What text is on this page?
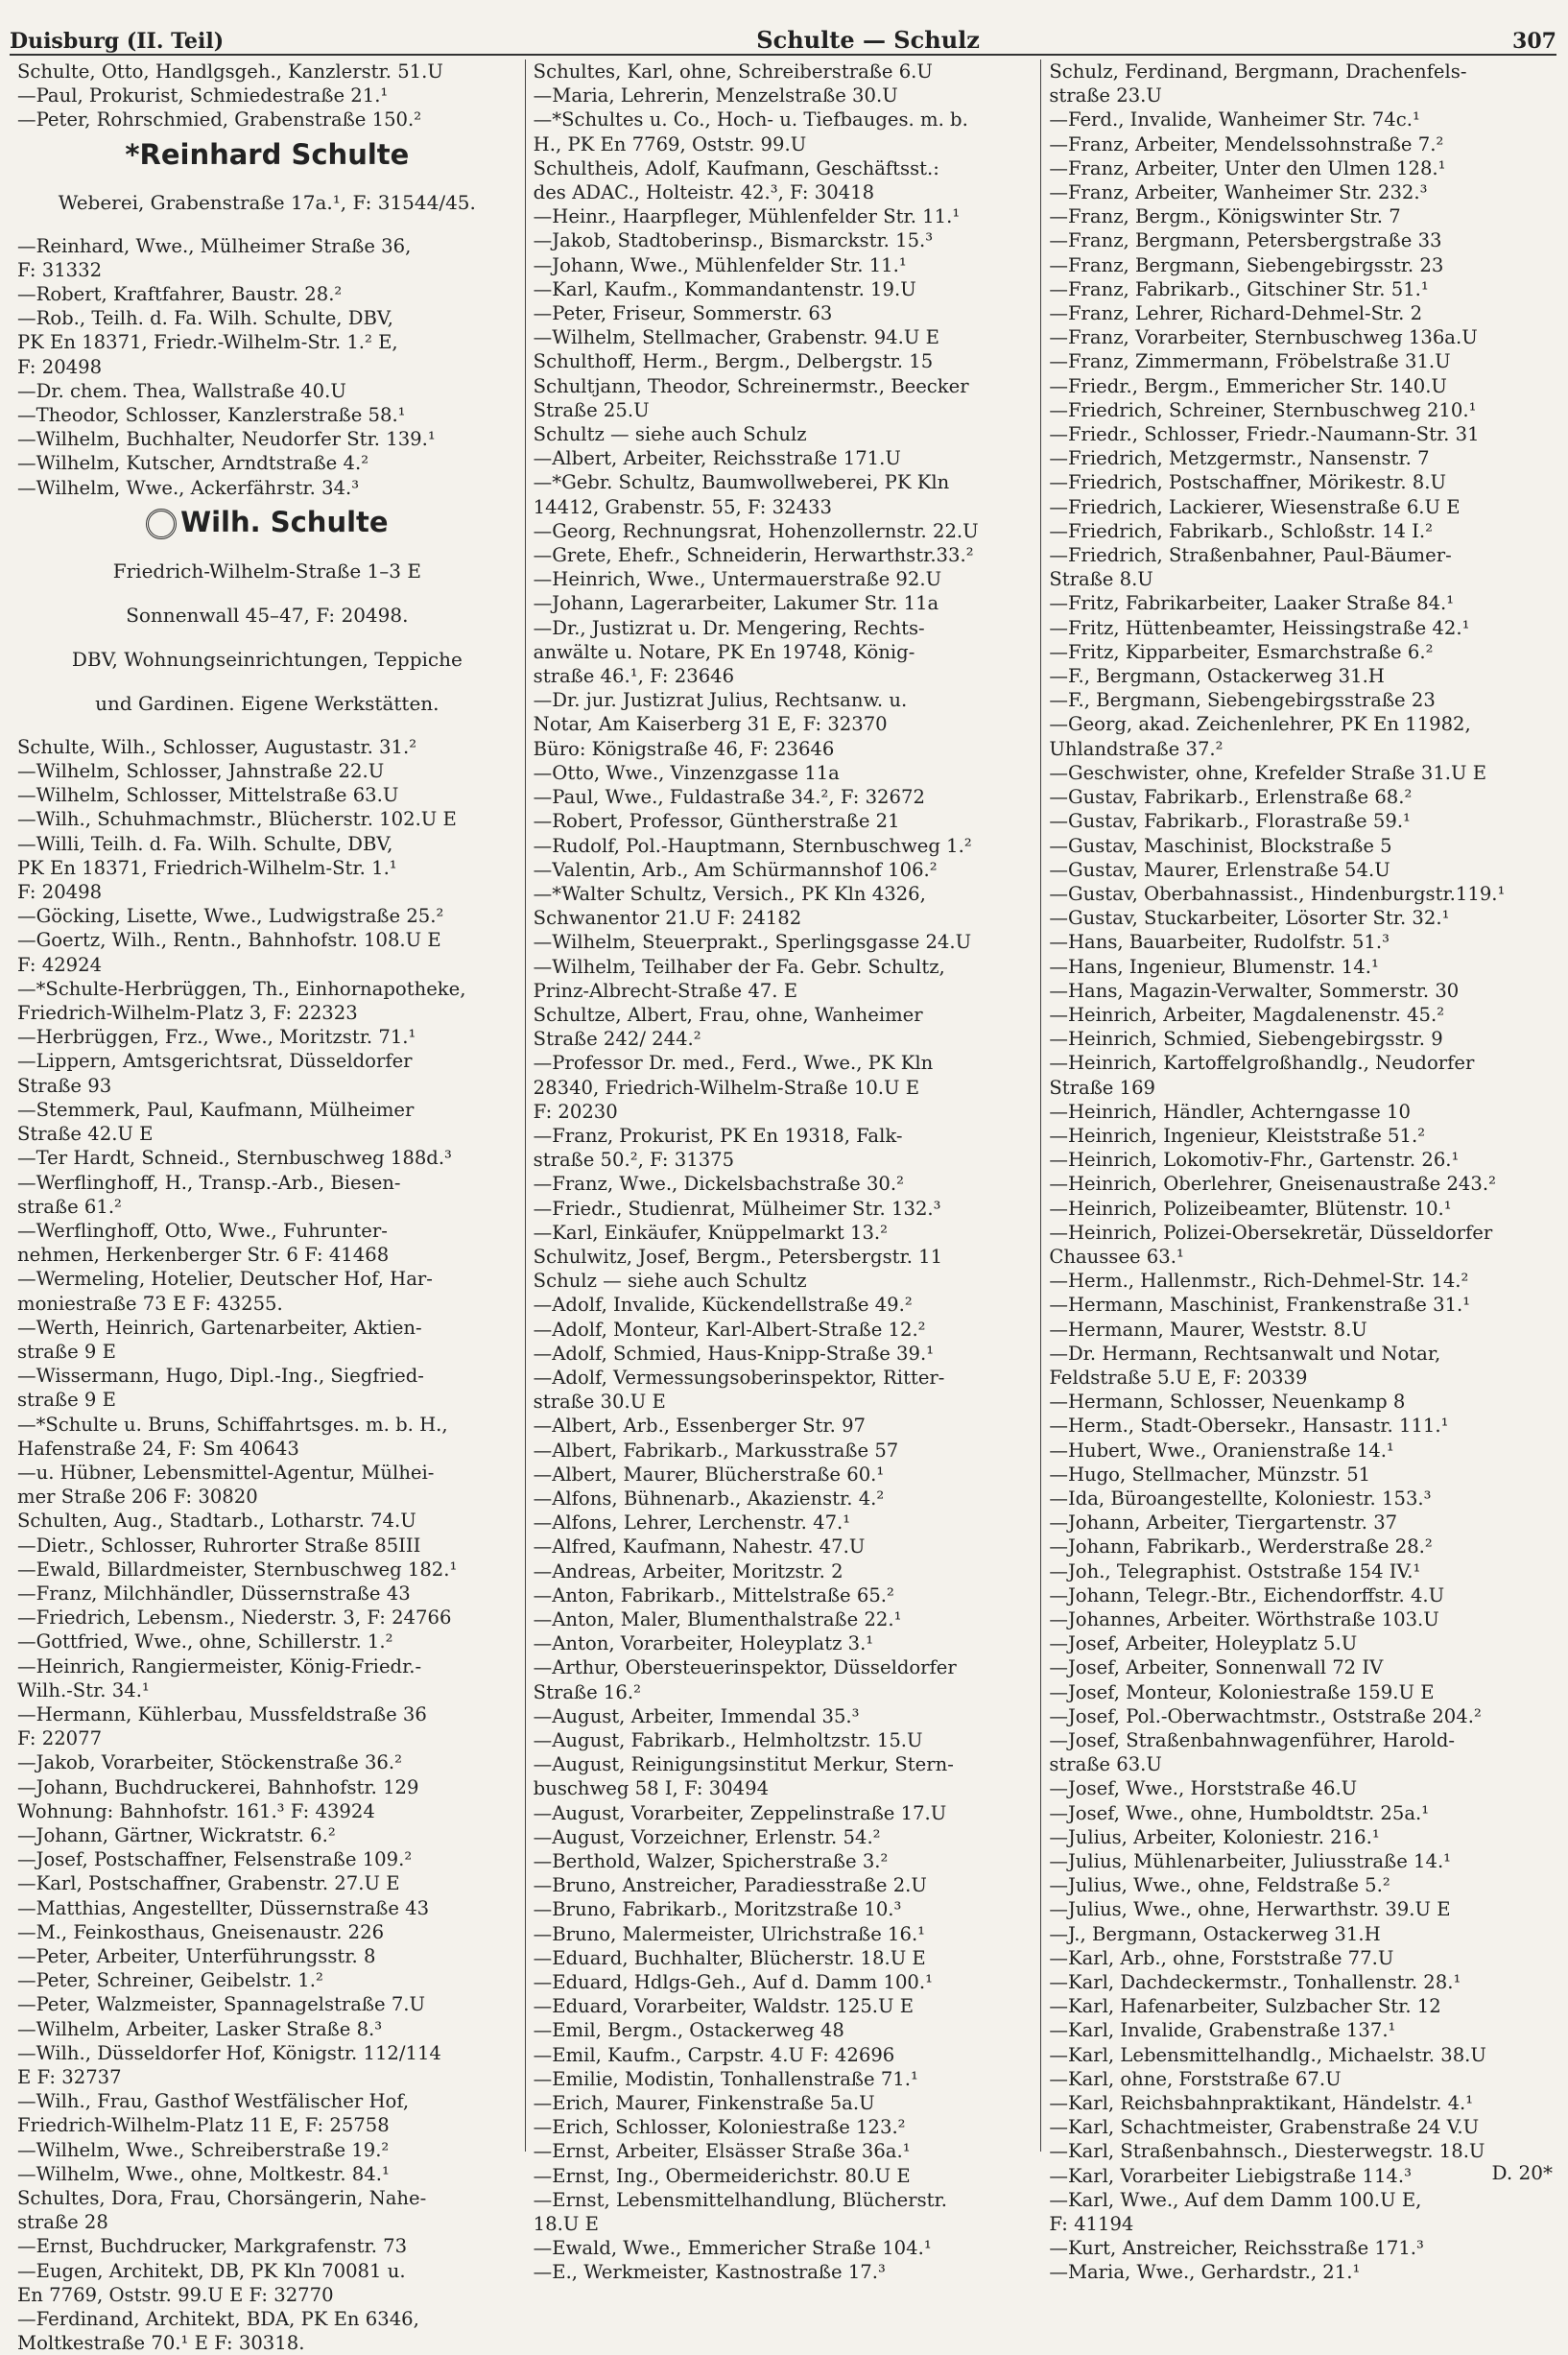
Duisburg (II. Teil)	Schulte — Schulz	307

Schulte, Otto, Handlgsgeh., Kanzlerstr. 51.U

—Paul, Prokurist, Schmiedestraße 21.¹

—Peter, Rohrschmied, Grabenstraße 150.²

*Reinhard Schulte

Weberei, Grabenstraße 17a.¹, F: 31544/45.

—Reinhard, Wwe., Mülheimer Straße 36,

F: 31332

—Robert, Kraftfahrer, Baustr. 28.²

—Rob., Teilh. d. Fa. Wilh. Schulte, DBV,

PK En 18371, Friedr.-Wilhelm-Str. 1.² E,

F: 20498

—Dr. chem. Thea, Wallstraße 40.U

—Theodor, Schlosser, Kanzlerstraße 58.¹

—Wilhelm, Buchhalter, Neudorfer Str. 139.¹

—Wilhelm, Kutscher, Arndtstraße 4.²

—Wilhelm, Wwe., Ackerfährstr. 34.³

Wilh. Schulte

Friedrich-Wilhelm-Straße 1–3 E

Sonnenwall 45–47, F: 20498.

DBV, Wohnungseinrichtungen, Teppiche

und Gardinen. Eigene Werkstätten.

Schulte, Wilh., Schlosser, Augustastr. 31.²

—Wilhelm, Schlosser, Jahnstraße 22.U

—Wilhelm, Schlosser, Mittelstraße 63.U

—Wilh., Schuhmachmstr., Blücherstr. 102.U E

—Willi, Teilh. d. Fa. Wilh. Schulte, DBV,

PK En 18371, Friedrich-Wilhelm-Str. 1.¹

F: 20498

—Göcking, Lisette, Wwe., Ludwigstraße 25.²

—Goertz, Wilh., Rentn., Bahnhofstr. 108.U E

F: 42924

—*Schulte-Herbrüggen, Th., Einhornapotheke,

Friedrich-Wilhelm-Platz 3, F: 22323

—Herbrüggen, Frz., Wwe., Moritzstr. 71.¹

—Lippern, Amtsgerichtsrat, Düsseldorfer

Straße 93

—Stemmerk, Paul, Kaufmann, Mülheimer

Straße 42.U E

—Ter Hardt, Schneid., Sternbuschweg 188d.³

—Werflinghoff, H., Transp.-Arb., Biesen-

straße 61.²

—Werflinghoff, Otto, Wwe., Fuhrunter-

nehmen, Herkenberger Str. 6 F: 41468

—Wermeling, Hotelier, Deutscher Hof, Har-

moniestraße 73 E F: 43255.

—Werth, Heinrich, Gartenarbeiter, Aktien-

straße 9 E

—Wissermann, Hugo, Dipl.-Ing., Siegfried-

straße 9 E

—*Schulte u. Bruns, Schiffahrtsges. m. b. H.,

Hafenstraße 24, F: Sm 40643

—u. Hübner, Lebensmittel-Agentur, Mülhei-

mer Straße 206 F: 30820

Schulten, Aug., Stadtarb., Lotharstr. 74.U

—Dietr., Schlosser, Ruhrorter Straße 85III

—Ewald, Billardmeister, Sternbuschweg 182.¹

—Franz, Milchhändler, Düssernstraße 43

—Friedrich, Lebensm., Niederstr. 3, F: 24766

—Gottfried, Wwe., ohne, Schillerstr. 1.²

—Heinrich, Rangiermeister, König-Friedr.-

Wilh.-Str. 34.¹

—Hermann, Kühlerbau, Mussfeldstraße 36

F: 22077

—Jakob, Vorarbeiter, Stöckenstraße 36.²

—Johann, Buchdruckerei, Bahnhofstr. 129

Wohnung: Bahnhofstr. 161.³ F: 43924

—Johann, Gärtner, Wickratstr. 6.²

—Josef, Postschaffner, Felsenstraße 109.²

—Karl, Postschaffner, Grabenstr. 27.U E

—Matthias, Angestellter, Düssernstraße 43

—M., Feinkosthaus, Gneisenaustr. 226

—Peter, Arbeiter, Unterführungsstr. 8

—Peter, Schreiner, Geibelstr. 1.²

—Peter, Walzmeister, Spannagelstraße 7.U

—Wilhelm, Arbeiter, Lasker Straße 8.³

—Wilh., Düsseldorfer Hof, Königstr. 112/114

E F: 32737

—Wilh., Frau, Gasthof Westfälischer Hof,

Friedrich-Wilhelm-Platz 11 E, F: 25758

—Wilhelm, Wwe., Schreiberstraße 19.²

—Wilhelm, Wwe., ohne, Moltkestr. 84.¹

Schultes, Dora, Frau, Chorsängerin, Nahe-

straße 28

—Ernst, Buchdrucker, Markgrafenstr. 73

—Eugen, Architekt, DB, PK Kln 70081 u.

En 7769, Oststr. 99.U E F: 32770

—Ferdinand, Architekt, BDA, PK En 6346,

Moltkestraße 70.¹ E F: 30318.

Schultes, Karl, ohne, Schreiberstraße 6.U

—Maria, Lehrerin, Menzelstraße 30.U

—*Schultes u. Co., Hoch- u. Tiefbauges. m. b.

H., PK En 7769, Oststr. 99.U

Schultheis, Adolf, Kaufmann, Geschäftsst.:

des ADAC., Holteistr. 42.³, F: 30418

—Heinr., Haarpfleger, Mühlenfelder Str. 11.¹

—Jakob, Stadtoberinsp., Bismarckstr. 15.³

—Johann, Wwe., Mühlenfelder Str. 11.¹

—Karl, Kaufm., Kommandantenstr. 19.U

—Peter, Friseur, Sommerstr. 63

—Wilhelm, Stellmacher, Grabenstr. 94.U E

Schulthoff, Herm., Bergm., Delbergstr. 15

Schultjann, Theodor, Schreinermstr., Beecker

Straße 25.U

Schultz — siehe auch Schulz

—Albert, Arbeiter, Reichsstraße 171.U

—*Gebr. Schultz, Baumwollweberei, PK Kln

14412, Grabenstr. 55, F: 32433

—Georg, Rechnungsrat, Hohenzollernstr. 22.U

—Grete, Ehefr., Schneiderin, Herwarthstr.33.²

—Heinrich, Wwe., Untermauerstraße 92.U

—Johann, Lagerarbeiter, Lakumer Str. 11a

—Dr., Justizrat u. Dr. Mengering, Rechts-

anwälte u. Notare, PK En 19748, König-

straße 46.¹, F: 23646

—Dr. jur. Justizrat Julius, Rechtsanw. u.

Notar, Am Kaiserberg 31 E, F: 32370

Büro: Königstraße 46, F: 23646

—Otto, Wwe., Vinzenzgasse 11a

—Paul, Wwe., Fuldastraße 34.², F: 32672

—Robert, Professor, Güntherstraße 21

—Rudolf, Pol.-Hauptmann, Sternbuschweg 1.²

—Valentin, Arb., Am Schürmannshof 106.²

—*Walter Schultz, Versich., PK Kln 4326,

Schwanentor 21.U F: 24182

—Wilhelm, Steuerprakt., Sperlingsgasse 24.U

—Wilhelm, Teilhaber der Fa. Gebr. Schultz,

Prinz-Albrecht-Straße 47. E

Schultze, Albert, Frau, ohne, Wanheimer

Straße 242/ 244.²

—Professor Dr. med., Ferd., Wwe., PK Kln

28340, Friedrich-Wilhelm-Straße 10.U E

F: 20230

—Franz, Prokurist, PK En 19318, Falk-

straße 50.², F: 31375

—Franz, Wwe., Dickelsbachstraße 30.²

—Friedr., Studienrat, Mülheimer Str. 132.³

—Karl, Einkäufer, Knüppelmarkt 13.²

Schulwitz, Josef, Bergm., Petersbergstr. 11

Schulz — siehe auch Schultz

—Adolf, Invalide, Kückendellstraße 49.²

—Adolf, Monteur, Karl-Albert-Straße 12.²

—Adolf, Schmied, Haus-Knipp-Straße 39.¹

—Adolf, Vermessungsoberinspektor, Ritter-

straße 30.U E

—Albert, Arb., Essenberger Str. 97

—Albert, Fabrikarb., Markusstraße 57

—Albert, Maurer, Blücherstraße 60.¹

—Alfons, Bühnenarb., Akazienstr. 4.²

—Alfons, Lehrer, Lerchenstr. 47.¹

—Alfred, Kaufmann, Nahestr. 47.U

—Andreas, Arbeiter, Moritzstr. 2

—Anton, Fabrikarb., Mittelstraße 65.²

—Anton, Maler, Blumenthalstraße 22.¹

—Anton, Vorarbeiter, Holeyplatz 3.¹

—Arthur, Obersteuerinspektor, Düsseldorfer

Straße 16.²

—August, Arbeiter, Immendal 35.³

—August, Fabrikarb., Helmholtzstr. 15.U

—August, Reinigungsinstitut Merkur, Stern-

buschweg 58 I, F: 30494

—August, Vorarbeiter, Zeppelinstraße 17.U

—August, Vorzeichner, Erlenstr. 54.²

—Berthold, Walzer, Spicherstraße 3.²

—Bruno, Anstreicher, Paradiesstraße 2.U

—Bruno, Fabrikarb., Moritzstraße 10.³

—Bruno, Malermeister, Ulrichstraße 16.¹

—Eduard, Buchhalter, Blücherstr. 18.U E

—Eduard, Hdlgs-Geh., Auf d. Damm 100.¹

—Eduard, Vorarbeiter, Waldstr. 125.U E

—Emil, Bergm., Ostackerweg 48

—Emil, Kaufm., Carpstr. 4.U F: 42696

—Emilie, Modistin, Tonhallenstraße 71.¹

—Erich, Maurer, Finkenstraße 5a.U

—Erich, Schlosser, Koloniestraße 123.²

—Ernst, Arbeiter, Elsässer Straße 36a.¹

—Ernst, Ing., Obermeiderichstr. 80.U E

—Ernst, Lebensmittelhandlung, Blücherstr.

18.U E

—Ewald, Wwe., Emmericher Straße 104.¹

—E., Werkmeister, Kastnostraße 17.³

Schulz, Ferdinand, Bergmann, Drachenfels-

straße 23.U

—Ferd., Invalide, Wanheimer Str. 74c.¹

—Franz, Arbeiter, Mendelssohnstraße 7.²

—Franz, Arbeiter, Unter den Ulmen 128.¹

—Franz, Arbeiter, Wanheimer Str. 232.³

—Franz, Bergm., Königswinter Str. 7

—Franz, Bergmann, Petersbergstraße 33

—Franz, Bergmann, Siebengebirgsstr. 23

—Franz, Fabrikarb., Gitschiner Str. 51.¹

—Franz, Lehrer, Richard-Dehmel-Str. 2

—Franz, Vorarbeiter, Sternbuschweg 136a.U

—Franz, Zimmermann, Fröbelstraße 31.U

—Friedr., Bergm., Emmericher Str. 140.U

—Friedrich, Schreiner, Sternbuschweg 210.¹

—Friedr., Schlosser, Friedr.-Naumann-Str. 31

—Friedrich, Metzgermstr., Nansenstr. 7

—Friedrich, Postschaffner, Mörikestr. 8.U

—Friedrich, Lackierer, Wiesenstraße 6.U E

—Friedrich, Fabrikarb., Schloßstr. 14 I.²

—Friedrich, Straßenbahner, Paul-Bäumer-

Straße 8.U

—Fritz, Fabrikarbeiter, Laaker Straße 84.¹

—Fritz, Hüttenbeamter, Heissingstraße 42.¹

—Fritz, Kipparbeiter, Esmarchstraße 6.²

—F., Bergmann, Ostackerweg 31.H

—F., Bergmann, Siebengebirgsstraße 23

—Georg, akad. Zeichenlehrer, PK En 11982,

Uhlandstraße 37.²

—Geschwister, ohne, Krefelder Straße 31.U E

—Gustav, Fabrikarb., Erlenstraße 68.²

—Gustav, Fabrikarb., Florastraße 59.¹

—Gustav, Maschinist, Blockstraße 5

—Gustav, Maurer, Erlenstraße 54.U

—Gustav, Oberbahnassist., Hindenburgstr.119.¹

—Gustav, Stuckarbeiter, Lösorter Str. 32.¹

—Hans, Bauarbeiter, Rudolfstr. 51.³

—Hans, Ingenieur, Blumenstr. 14.¹

—Hans, Magazin-Verwalter, Sommerstr. 30

—Heinrich, Arbeiter, Magdalenenstr. 45.²

—Heinrich, Schmied, Siebengebirgsstr. 9

—Heinrich, Kartoffelgroßhandlg., Neudorfer

Straße 169

—Heinrich, Händler, Achterngasse 10

—Heinrich, Ingenieur, Kleiststraße 51.²

—Heinrich, Lokomotiv-Fhr., Gartenstr. 26.¹

—Heinrich, Oberlehrer, Gneisenaustraße 243.²

—Heinrich, Polizeibeamter, Blütenstr. 10.¹

—Heinrich, Polizei-Obersekretär, Düsseldorfer

Chaussee 63.¹

—Herm., Hallenmstr., Rich-Dehmel-Str. 14.²

—Hermann, Maschinist, Frankenstraße 31.¹

—Hermann, Maurer, Weststr. 8.U

—Dr. Hermann, Rechtsanwalt und Notar,

Feldstraße 5.U E, F: 20339

—Hermann, Schlosser, Neuenkamp 8

—Herm., Stadt-Obersekr., Hansastr. 111.¹

—Hubert, Wwe., Oranienstraße 14.¹

—Hugo, Stellmacher, Münzstr. 51

—Ida, Büroangestellte, Koloniestr. 153.³

—Johann, Arbeiter, Tiergartenstr. 37

—Johann, Fabrikarb., Werderstraße 28.²

—Joh., Telegraphist. Oststraße 154 IV.¹

—Johann, Telegr.-Btr., Eichendorffstr. 4.U

—Johannes, Arbeiter. Wörthstraße 103.U

—Josef, Arbeiter, Holeyplatz 5.U

—Josef, Arbeiter, Sonnenwall 72 IV

—Josef, Monteur, Koloniestraße 159.U E

—Josef, Pol.-Oberwachtmstr., Oststraße 204.²

—Josef, Straßenbahnwagenführer, Harold-

straße 63.U

—Josef, Wwe., Horststraße 46.U

—Josef, Wwe., ohne, Humboldtstr. 25a.¹

—Julius, Arbeiter, Koloniestr. 216.¹

—Julius, Mühlenarbeiter, Juliusstraße 14.¹

—Julius, Wwe., ohne, Feldstraße 5.²

—Julius, Wwe., ohne, Herwarthstr. 39.U E

—J., Bergmann, Ostackerweg 31.H

—Karl, Arb., ohne, Forststraße 77.U

—Karl, Dachdeckermstr., Tonhallenstr. 28.¹

—Karl, Hafenarbeiter, Sulzbacher Str. 12

—Karl, Invalide, Grabenstraße 137.¹

—Karl, Lebensmittelhandlg., Michaelstr. 38.U

—Karl, ohne, Forststraße 67.U

—Karl, Reichsbahnpraktikant, Händelstr. 4.¹

—Karl, Schachtmeister, Grabenstraße 24 V.U

—Karl, Straßenbahnsch., Diesterwegstr. 18.U

—Karl, Vorarbeiter Liebigstraße 114.³

—Karl, Wwe., Auf dem Damm 100.U E,

F: 41194

—Kurt, Anstreicher, Reichsstraße 171.³

—Maria, Wwe., Gerhardstr., 21.¹

D. 20*
